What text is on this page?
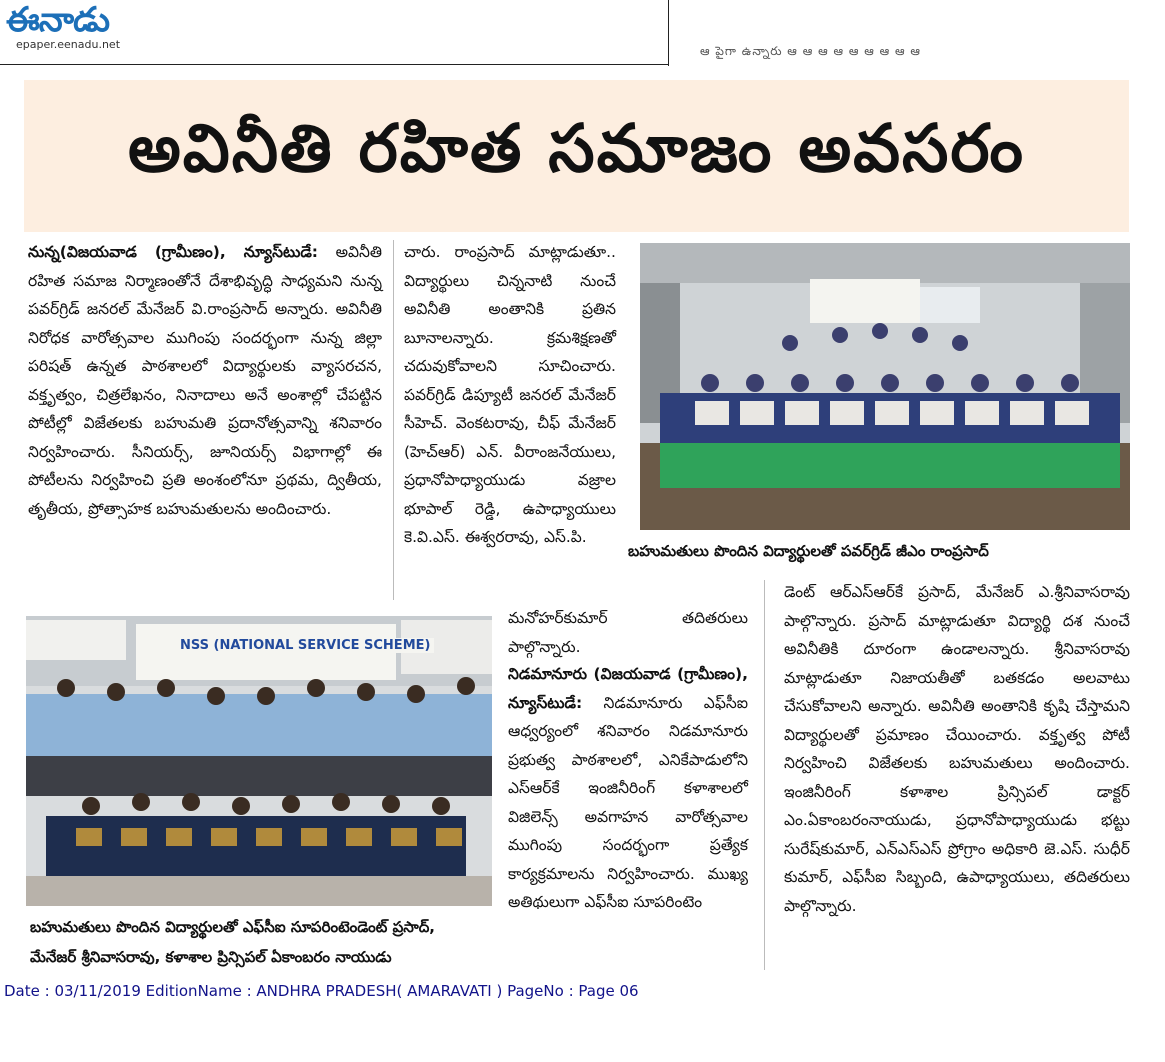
ఈనాడు
epaper.eenadu.net	ఆ పైగా ఉన్నారు ఆ ఆ ఆ ఆ ఆ ఆ ఆ ఆ ఆ
అవినీతి రహిత సమాజం అవసరం

నున్న(విజయవాడ (గ్రామీణం), న్యూస్‌టుడే: అవినీతి రహిత సమాజ నిర్మాణంతోనే దేశాభివృద్ధి సాధ్యమని నున్న పవర్‌గ్రిడ్ జనరల్ మేనేజర్ వి.రాంప్రసాద్ అన్నారు. అవినీతి నిరోధక వారోత్సవాల ముగింపు సందర్భంగా నున్న జిల్లా పరిషత్ ఉన్నత పాఠశాలలో విద్యార్థులకు వ్యాసరచన, వక్తృత్వం, చిత్రలేఖనం, నినాదాలు అనే అంశాల్లో చేపట్టిన పోటీల్లో విజేతలకు బహుమతి ప్రదానోత్సవాన్ని శనివారం నిర్వహించారు. సీనియర్స్, జూనియర్స్ విభాగాల్లో ఈ పోటీలను నిర్వహించి ప్రతి అంశంలోనూ ప్రథమ, ద్వితీయ, తృతీయ, ప్రోత్సాహక బహుమతులను అందించారు.

చారు. రాంప్రసాద్ మాట్లాడుతూ.. విద్యార్థులు చిన్ననాటి నుంచే అవినీతి అంతానికి ప్రతిన బూనాలన్నారు. క్రమశిక్షణతో చదువుకోవాలని సూచించారు. పవర్‌గ్రిడ్ డిప్యూటీ జనరల్ మేనేజర్ సీహెచ్. వెంకటరావు, చీఫ్ మేనేజర్ (హెచ్‌ఆర్) ఎన్. వీరాంజనేయులు, ప్రధానోపాధ్యాయుడు వజ్రాల భూపాల్ రెడ్డి, ఉపాధ్యాయులు కె.వి.ఎస్. ఈశ్వరరావు, ఎస్.పి.

బహుమతులు పొందిన విద్యార్థులతో పవర్‌గ్రిడ్ జీఎం రాంప్రసాద్
NSS (NATIONAL SERVICE SCHEME)
బహుమతులు పొందిన విద్యార్థులతో ఎఫ్‌సీఐ సూపరింటెండెంట్ ప్రసాద్,
మేనేజర్ శ్రీనివాసరావు, కళాశాల ప్రిన్సిపల్ ఏకాంబరం నాయుడు

మనోహర్‌కుమార్ తదితరులు పాల్గొన్నారు.

నిడమానూరు (విజయవాడ (గ్రామీణం), న్యూస్‌టుడే: నిడమానూరు ఎఫ్‌సీఐ ఆధ్వర్యంలో శనివారం నిడమానూరు ప్రభుత్వ పాఠశాలలో, ఎనికేపాడులోని ఎస్‌ఆర్‌కే ఇంజినీరింగ్ కళాశాలలో విజిలెన్స్ అవగాహన వారోత్సవాల ముగింపు సందర్భంగా ప్రత్యేక కార్యక్రమాలను నిర్వహించారు. ముఖ్య అతిథులుగా ఎఫ్‌సీఐ సూపరింటెం

డెంట్ ఆర్‌ఎస్‌ఆర్‌కే ప్రసాద్, మేనేజర్ ఎ.శ్రీనివాసరావు పాల్గొన్నారు. ప్రసాద్ మాట్లాడుతూ విద్యార్థి దశ నుంచే అవినీతికి దూరంగా ఉండాలన్నారు. శ్రీనివాసరావు మాట్లాడుతూ నిజాయతీతో బతకడం అలవాటు చేసుకోవాలని అన్నారు. అవినీతి అంతానికి కృషి చేస్తామని విద్యార్థులతో ప్రమాణం చేయించారు. వక్తృత్వ పోటీ నిర్వహించి విజేతలకు బహుమతులు అందించారు. ఇంజినీరింగ్ కళాశాల ప్రిన్సిపల్ డాక్టర్ ఎం.ఏకాంబరంనాయుడు, ప్రధానోపాధ్యాయుడు భట్టు సురేష్‌కుమార్, ఎన్‌ఎస్‌ఎస్ ప్రోగ్రాం అధికారి జె.ఎస్. సుధీర్ కుమార్, ఎఫ్‌సీఐ సిబ్బంది, ఉపాధ్యాయులు, తదితరులు పాల్గొన్నారు.

Date : 03/11/2019 EditionName : ANDHRA PRADESH( AMARAVATI ) PageNo : Page 06
